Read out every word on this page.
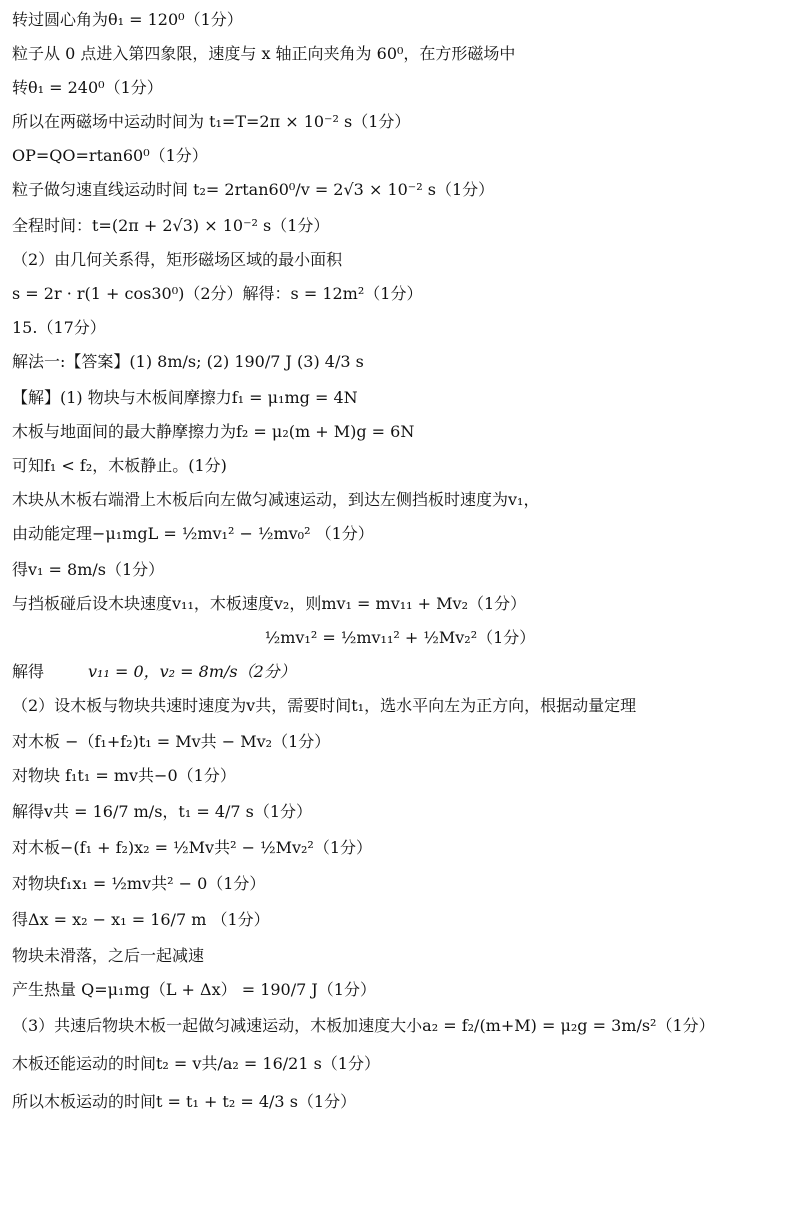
转过圆心角为θ₁ = 120⁰（1分）
粒子从 0 点进入第四象限，速度与 x 轴正向夹角为 60⁰，在方形磁场中
转θ₁ = 240⁰（1分）
所以在两磁场中运动时间为 t₁=T=2π × 10⁻² s（1分）
OP=QO=rtan60⁰（1分）
粒子做匀速直线运动时间 t₂= 2rtan60⁰/v = 2√3 × 10⁻² s（1分）
全程时间：t=(2π + 2√3) × 10⁻² s（1分）
（2）由几何关系得，矩形磁场区域的最小面积
s = 2r · r(1 + cos30⁰)（2分）解得：s = 12m²（1分）
15.（17分）
解法一:【答案】(1) 8m/s; (2) 190/7 J (3) 4/3 s
【解】(1) 物块与木板间摩擦力f₁ = μ₁mg = 4N
木板与地面间的最大静摩擦力为f₂ = μ₂(m + M)g = 6N
可知f₁ < f₂，木板静止。(1分)
木块从木板右端滑上木板后向左做匀减速运动，到达左侧挡板时速度为v₁，
由动能定理−μ₁mgL = ½mv₁² − ½mv₀² （1分）
得v₁ = 8m/s（1分）
与挡板碰后设木块速度v₁₁，木板速度v₂，则mv₁ = mv₁₁ + Mv₂（1分）
½mv₁² = ½mv₁₁² + ½Mv₂²（1分）
解得	v₁₁ = 0，v₂ = 8m/s（2分）
（2）设木板与物块共速时速度为v共，需要时间t₁，选水平向左为正方向，根据动量定理
对木板 −（f₁+f₂)t₁ = Mv共 − Mv₂（1分）
对物块 f₁t₁ = mv共−0（1分）
解得v共 = 16/7 m/s，t₁ = 4/7 s（1分）
对木板−(f₁ + f₂)x₂ = ½Mv共² − ½Mv₂²（1分）
对物块f₁x₁ = ½mv共² − 0（1分）
得Δx = x₂ − x₁ = 16/7 m （1分）
物块未滑落，之后一起减速
产生热量 Q=μ₁mg（L + Δx） = 190/7 J（1分）
（3）共速后物块木板一起做匀减速运动，木板加速度大小a₂ = f₂/(m+M) = μ₂g = 3m/s²（1分）
木板还能运动的时间t₂ = v共/a₂ = 16/21 s（1分）
所以木板运动的时间t = t₁ + t₂ = 4/3 s（1分）
